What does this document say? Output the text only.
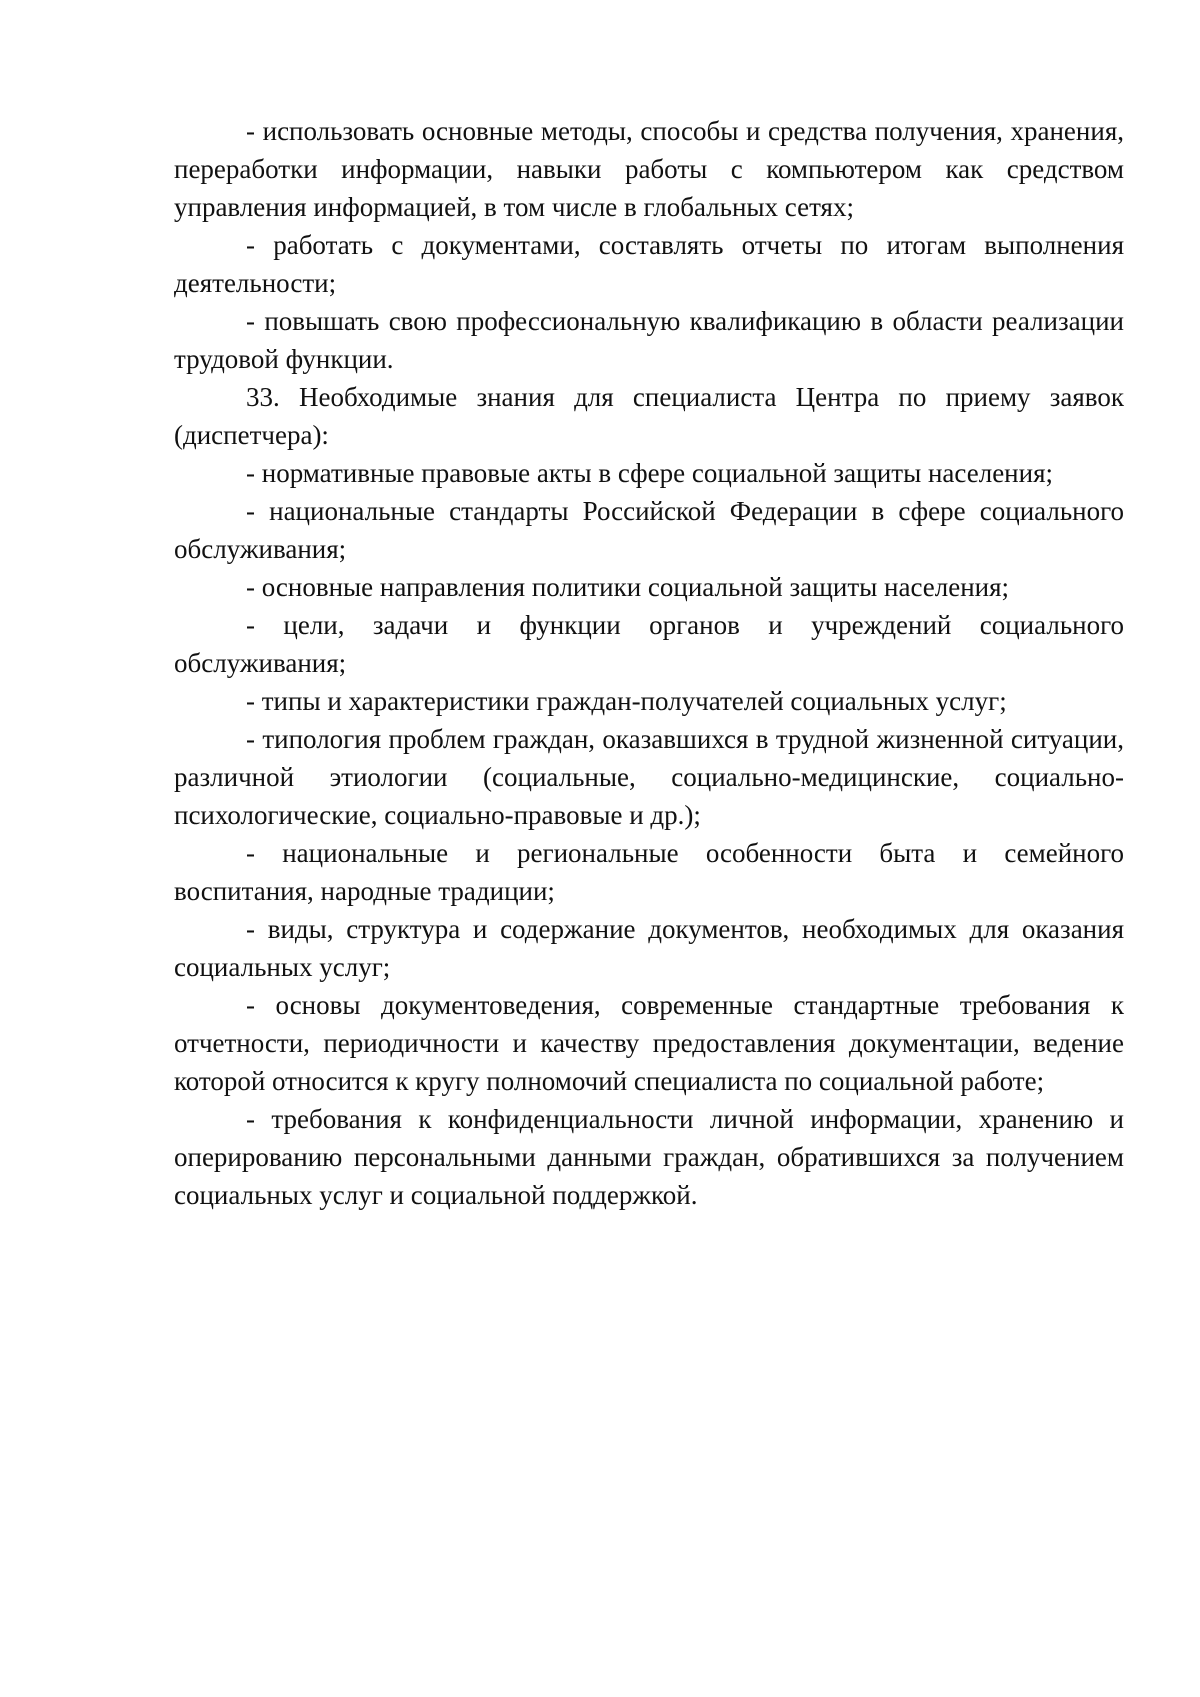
- использовать основные методы, способы и средства получения, хранения, переработки информации, навыки работы с компьютером как средством управления информацией, в том числе в глобальных сетях;

- работать с документами, составлять отчеты по итогам выполнения деятельности;

- повышать свою профессиональную квалификацию в области реализации трудовой функции.

33. Необходимые знания для специалиста Центра по приему заявок (диспетчера):

- нормативные правовые акты в сфере социальной защиты населения;

- национальные стандарты Российской Федерации в сфере социального обслуживания;

- основные направления политики социальной защиты населения;

- цели, задачи и функции органов и учреждений социального обслуживания;

- типы и характеристики граждан-получателей социальных услуг;

- типология проблем граждан, оказавшихся в трудной жизненной ситуации, различной этиологии (социальные, социально-медицинские, социально-психологические, социально-правовые и др.);

- национальные и региональные особенности быта и семейного воспитания, народные традиции;

- виды, структура и содержание документов, необходимых для оказания социальных услуг;

- основы документоведения, современные стандартные требования к отчетности, периодичности и качеству предоставления документации, ведение которой относится к кругу полномочий специалиста по социальной работе;

- требования к конфиденциальности личной информации, хранению и оперированию персональными данными граждан, обратившихся за получением социальных услуг и социальной поддержкой.
